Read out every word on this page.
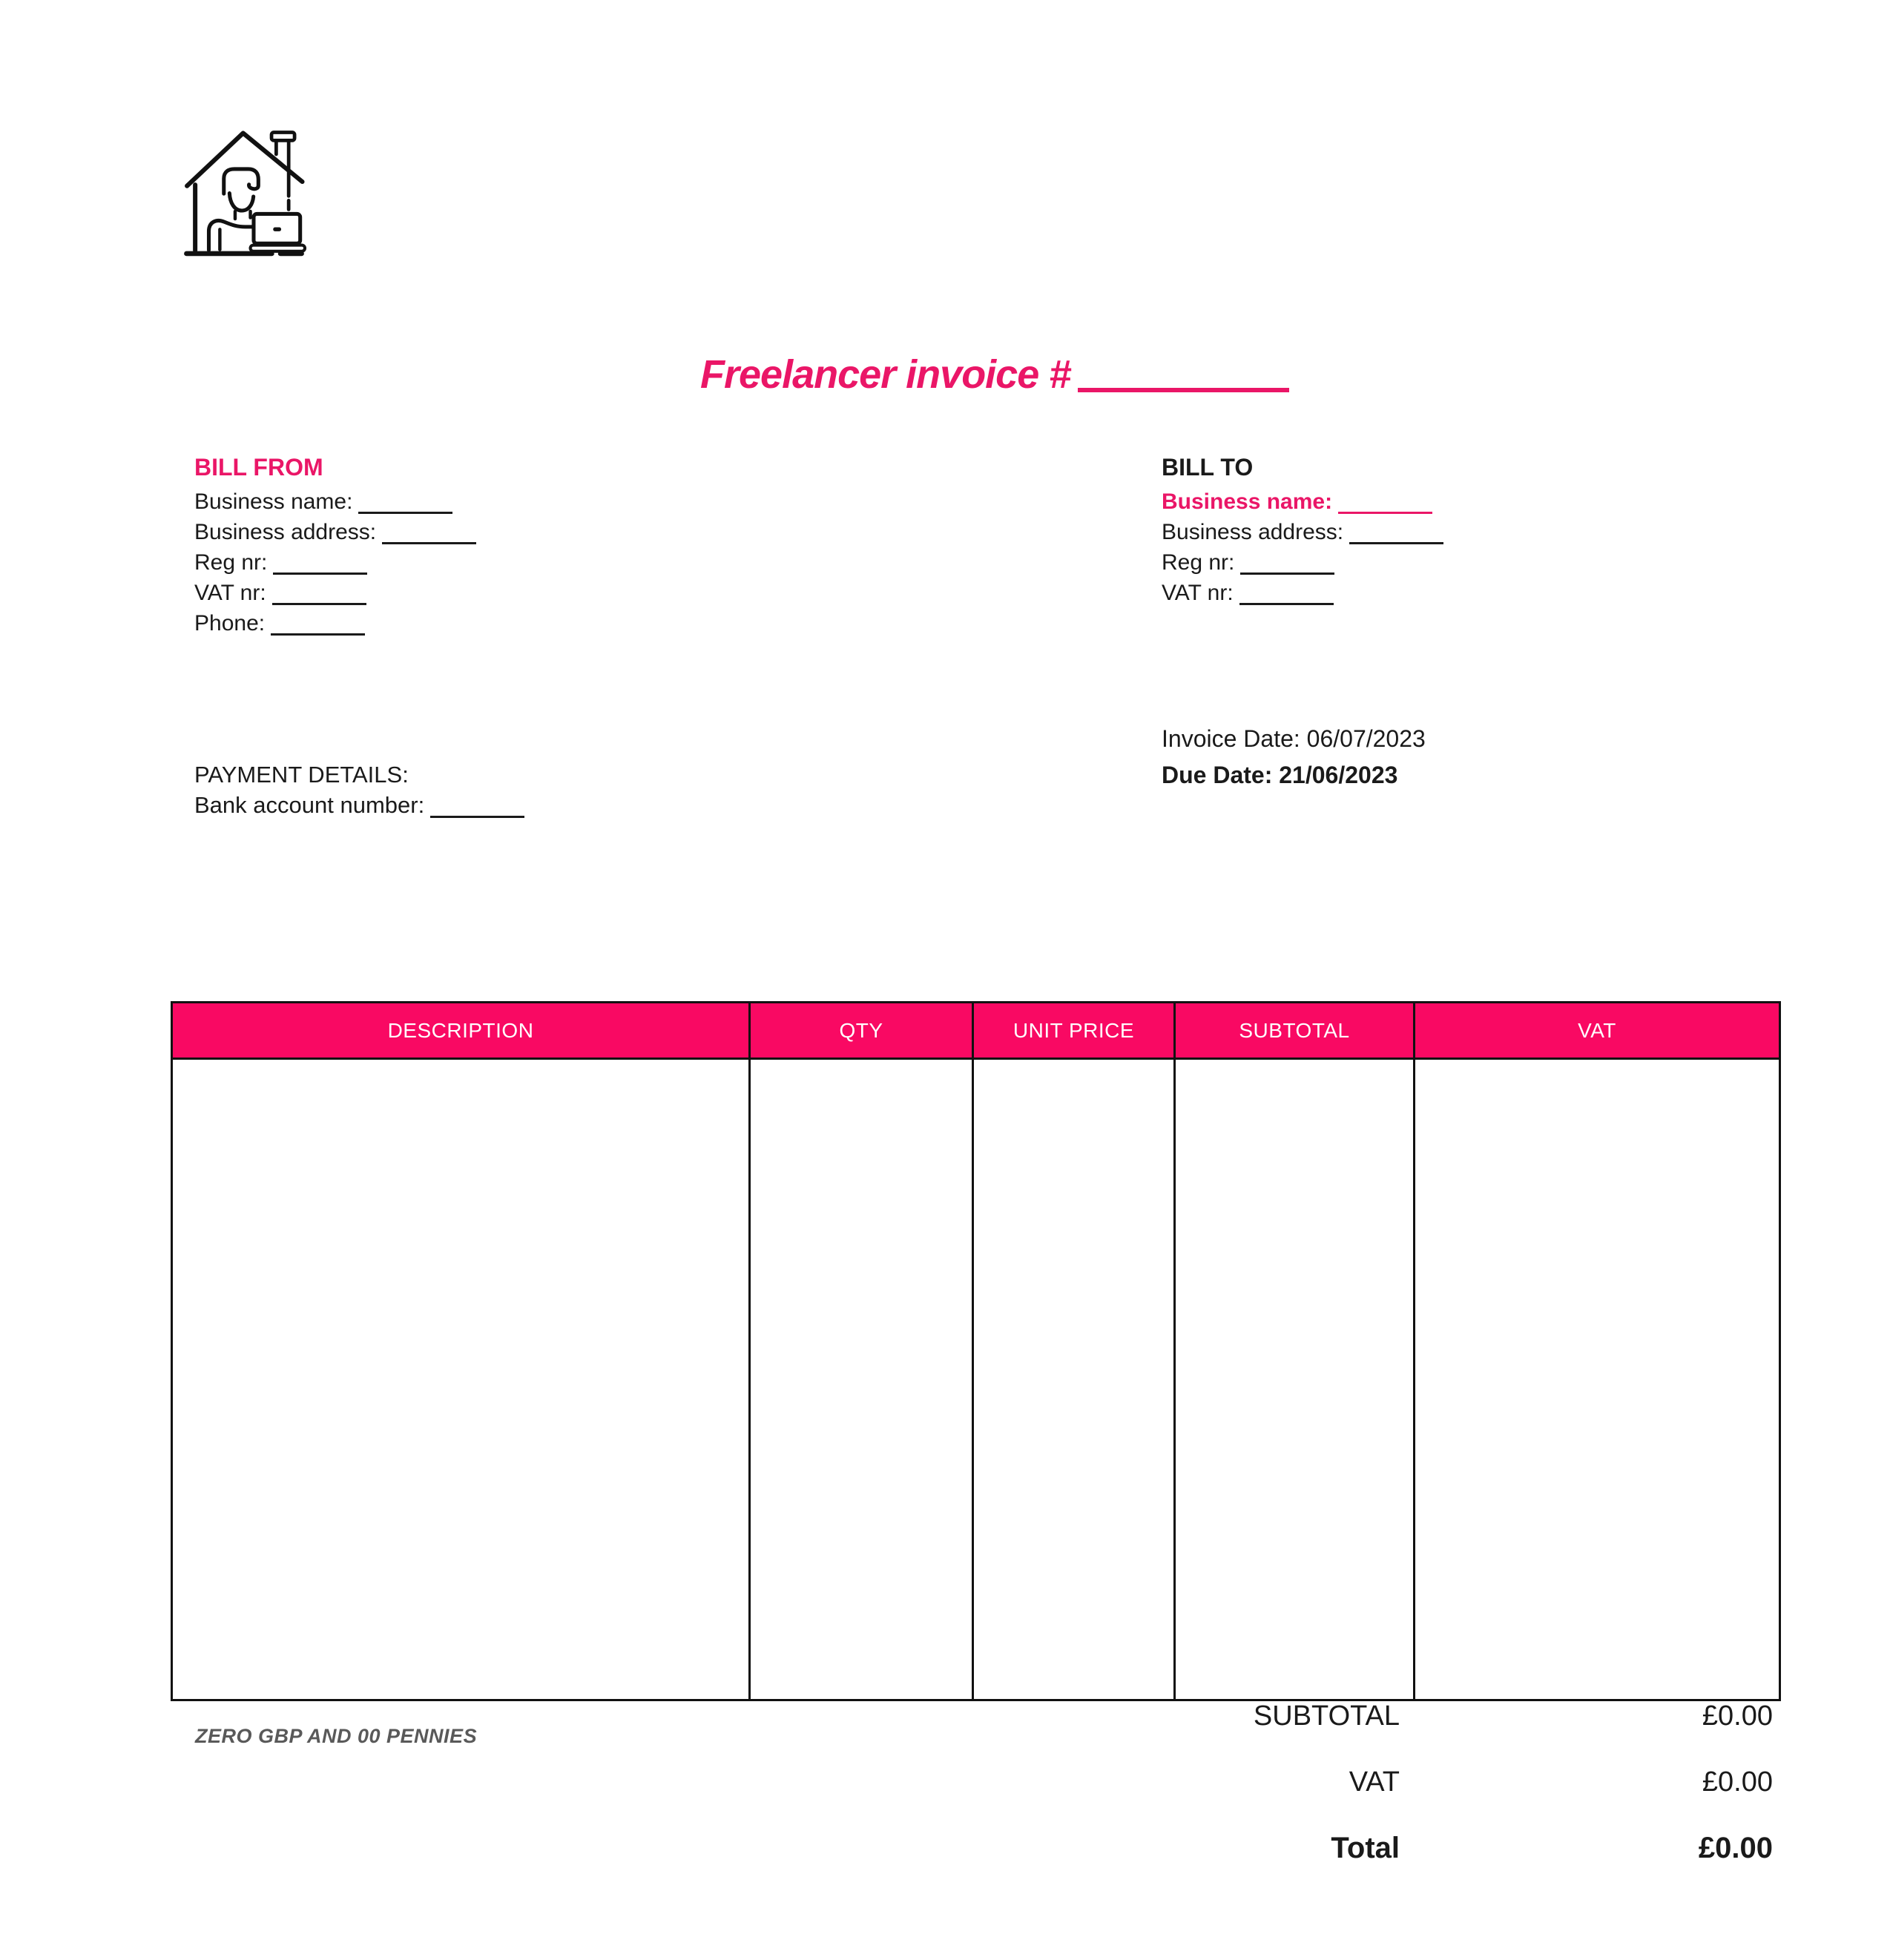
Freelancer invoice #
BILL FROM
Business name:
Business address:
Reg nr:
VAT nr:
Phone:
BILL TO
Business name:
Business address:
Reg nr:
VAT nr:
Invoice Date: 06/07/2023
Due Date: 21/06/2023
PAYMENT DETAILS:
Bank account number:
DESCRIPTION	QTY	UNIT PRICE	SUBTOTAL	VAT

SUBTOTAL	£0.00
VAT	£0.00
Total	£0.00
ZERO GBP AND 00 PENNIES
